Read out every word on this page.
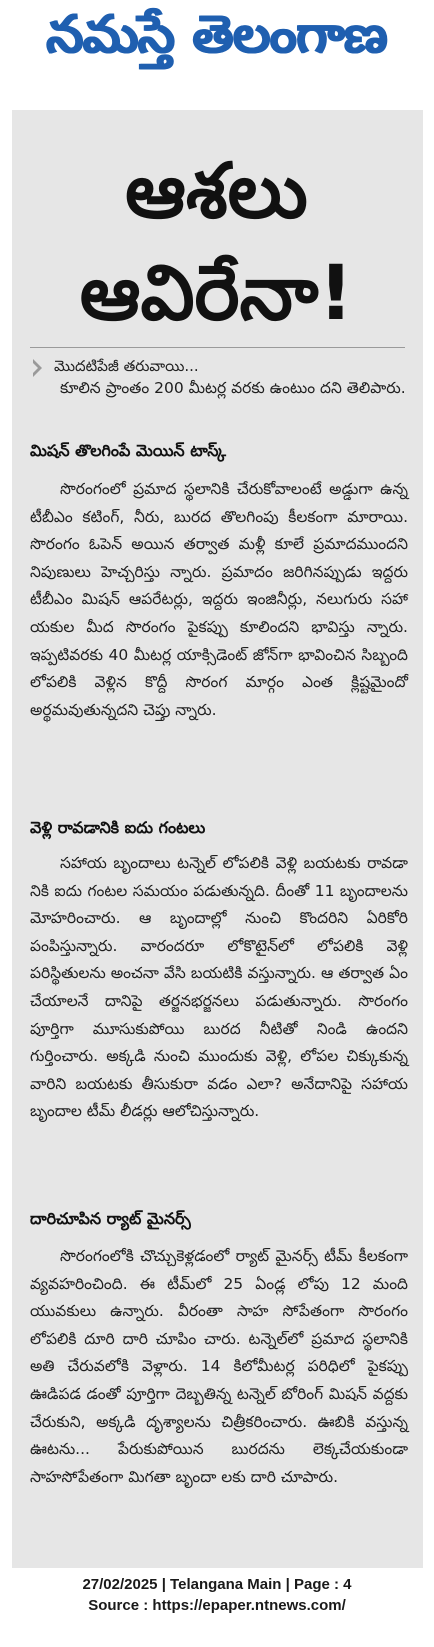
నమస్తే తెలంగాణ
ఆశలు
ఆవిరేనా!
మొదటిపేజీ తరువాయి...
కూలిన ప్రాంతం 200 మీటర్ల వరకు ఉంటుం దని తెలిపారు.
మిషన్ తొలగింపే మెయిన్ టాస్క్
సొరంగంలో ప్రమాద స్థలానికి చేరుకోవాలంటే అడ్డుగా ఉన్న టీబీఎం కటింగ్, నీరు, బురద తొలగింపు కీలకంగా మారాయి. సొరంగం ఓపెన్ అయిన తర్వాత మళ్లీ కూలే ప్రమాదముందని నిపుణులు హెచ్చరిస్తు న్నారు. ప్రమాదం జరిగినప్పుడు ఇద్దరు టీబీఎం మిషన్ ఆపరేటర్లు, ఇద్దరు ఇంజినీర్లు, నలుగురు సహా యకుల మీద సొరంగం పైకప్పు కూలిందని భావిస్తు న్నారు. ఇప్పటివరకు 40 మీటర్ల యాక్సిడెంట్ జోన్‌గా భావించిన సిబ్బంది లోపలికి వెళ్లిన కొద్దీ సొరంగ మార్గం ఎంత క్లిష్టమైందో అర్థమవుతున్నదని చెప్తు న్నారు.
వెళ్లి రావడానికి ఐదు గంటలు
సహాయ బృందాలు టన్నెల్ లోపలికి వెళ్లి బయటకు రావడా నికి ఐదు గంటల సమయం పడుతున్నది. దీంతో 11 బృందాలను మోహరించారు. ఆ బృందాల్లో నుంచి కొందరిని ఏరికోరి పంపిస్తున్నారు. వారందరూ లోకొటైన్‌లో లోపలికి వెళ్లి పరిస్థితులను అంచనా వేసి బయటికి వస్తున్నారు. ఆ తర్వాత ఏం చేయాలనే దానిపై తర్జనభర్జనలు పడుతున్నారు. సొరంగం పూర్తిగా మూసుకుపోయి బురద నీటితో నిండి ఉందని గుర్తించారు. అక్కడి నుంచి ముందుకు వెళ్లి, లోపల చిక్కుకున్న వారిని బయటకు తీసుకురా వడం ఎలా? అనేదానిపై సహాయ బృందాల టీమ్ లీడర్లు ఆలోచిస్తున్నారు.
దారిచూపిన ర్యాట్ మైనర్స్
సొరంగంలోకి చొచ్చుకెళ్లడంలో ర్యాట్ మైనర్స్ టీమ్ కీలకంగా వ్యవహరించింది. ఈ టీమ్‌లో 25 ఏండ్ల లోపు 12 మంది యువకులు ఉన్నారు. వీరంతా సాహ సోపేతంగా సొరంగం లోపలికి దూరి దారి చూపిం చారు. టన్నెల్‌లో ప్రమాద స్థలానికి అతి చేరువలోకి వెళ్లారు. 14 కిలోమీటర్ల పరిధిలో పైకప్పు ఊడిపడ డంతో పూర్తిగా దెబ్బతిన్న టన్నెల్ బోరింగ్ మిషన్ వద్దకు చేరుకుని, అక్కడి దృశ్యాలను చిత్రీకరించారు. ఊబికి వస్తున్న ఊటను... పేరుకుపోయిన బురదను లెక్కచేయకుండా సాహసోపేతంగా మిగతా బృందా లకు దారి చూపారు.
27/02/2025 | Telangana Main | Page : 4
Source : https://epaper.ntnews.com/
